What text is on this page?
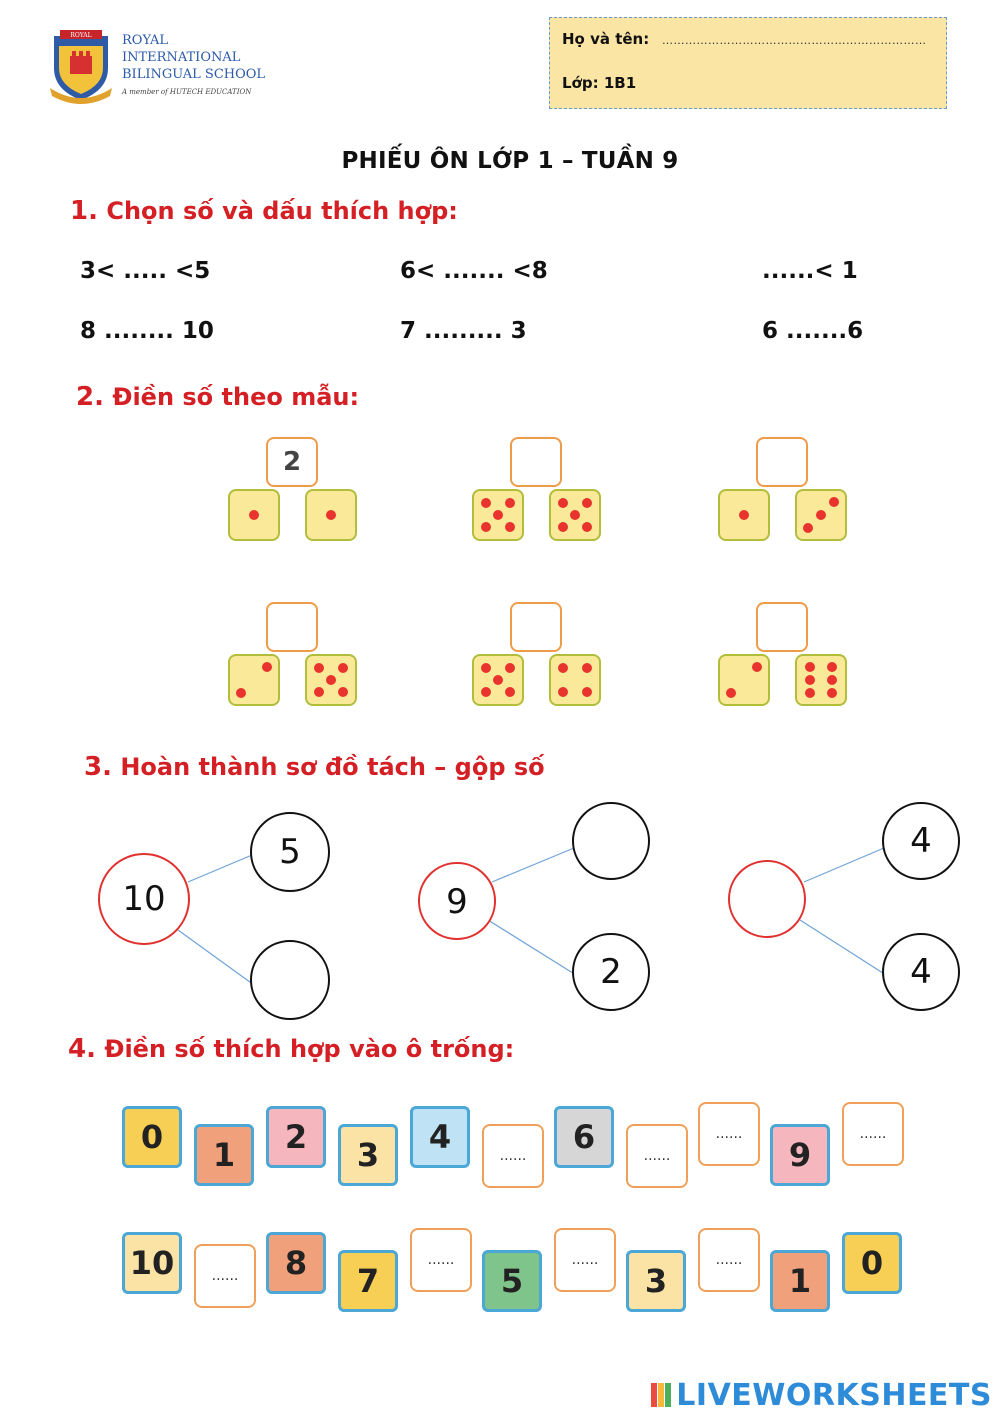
ROYAL ROYAL
INTERNATIONAL
BILINGUAL SCHOOL
A member of HUTECH EDUCATION
Họ và tên: ……………………………………………………………
Lớp: 1B1
PHIẾU ÔN LỚP 1 – TUẦN 9
1. Chọn số và dấu thích hợp:
3< ..... <5	6< ....... <8	......< 1
8 ........ 10	7 ......... 3	6 .......6
2. Điền số theo mẫu:
2
3. Hoàn thành sơ đồ tách – gộp số
10
5
9
2
4
4
4. Điền số thích hợp vào ô trống:
0	1	2	3	4	......	6	......
......
9
......
10	......	8	7
......
5
......
3
......
1	0
LIVEWORKSHEETS
